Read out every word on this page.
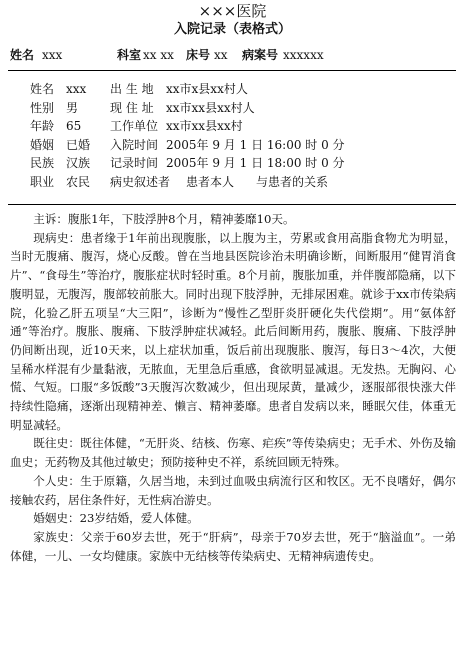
×××医院
入院记录（表格式）
姓名 xxx	科室 xx xx 床号 xx 病案号 xxxxxx
姓名 xxx 出 生 地 xx市x县xx村人
性别 男	现 住 址 xx市xx县xx村人
年龄 65 工作单位 xx市xx县xx村
婚姻 已婚 入院时间 2005年 9 月 1 日 16:00 时 0 分
民族 汉族 记录时间 2005年 9 月 1 日 18:00 时 0 分
职业 农民 病史叙述者 患者本人 与患者的关系

主诉：腹胀1年，下肢浮肿8个月，精神萎靡10天。

现病史：患者缘于1年前出现腹胀，以上腹为主，劳累或食用高脂食物尤为明显，当时无腹痛、腹泻，烧心反酸。曾在当地县医院诊治未明确诊断，间断服用“健胃消食片”、“食母生”等治疗，腹胀症状时轻时重。8个月前，腹胀加重，并伴腹部隐痛，以下腹明显，无腹泻，腹部较前胀大。同时出现下肢浮肿，无排尿困难。就诊于xx市传染病院，化验乙肝五项呈“大三阳”，诊断为“慢性乙型肝炎肝硬化失代偿期”。用“氨体舒通”等治疗。腹胀、腹痛、下肢浮肿症状减轻。此后间断用药，腹胀、腹痛、下肢浮肿仍间断出现，近10天来，以上症状加重，饭后前出现腹胀、腹泻，每日3～4次，大便呈稀水样混有少量黏液，无脓血，无里急后重感，食欲明显减退。无发热。无胸闷、心慌、气短。口服“多饭酸”3天腹泻次数减少，但出现尿黄，量减少，逐服部很快涨大伴持续性隐痛，逐渐出现精神差、懒言、精神萎靡。患者自发病以来，睡眠欠佳，体重无明显减轻。

既往史：既往体健，“无肝炎、结核、伤寒、疟疾”等传染病史；无手术、外伤及输血史；无药物及其他过敏史；预防接种史不祥，系统回顾无特殊。

个人史：生于原籍，久居当地，未到过血吸虫病流行区和牧区。无不良嗜好，偶尔接触农药，居住条件好，无性病冶游史。

婚姻史：23岁结婚，爱人体健。

家族史：父亲于60岁去世，死于“肝病”，母亲于70岁去世，死于“脑溢血”。一弟体健，一儿、一女均健康。家族中无结核等传染病史、无精神病遗传史。
